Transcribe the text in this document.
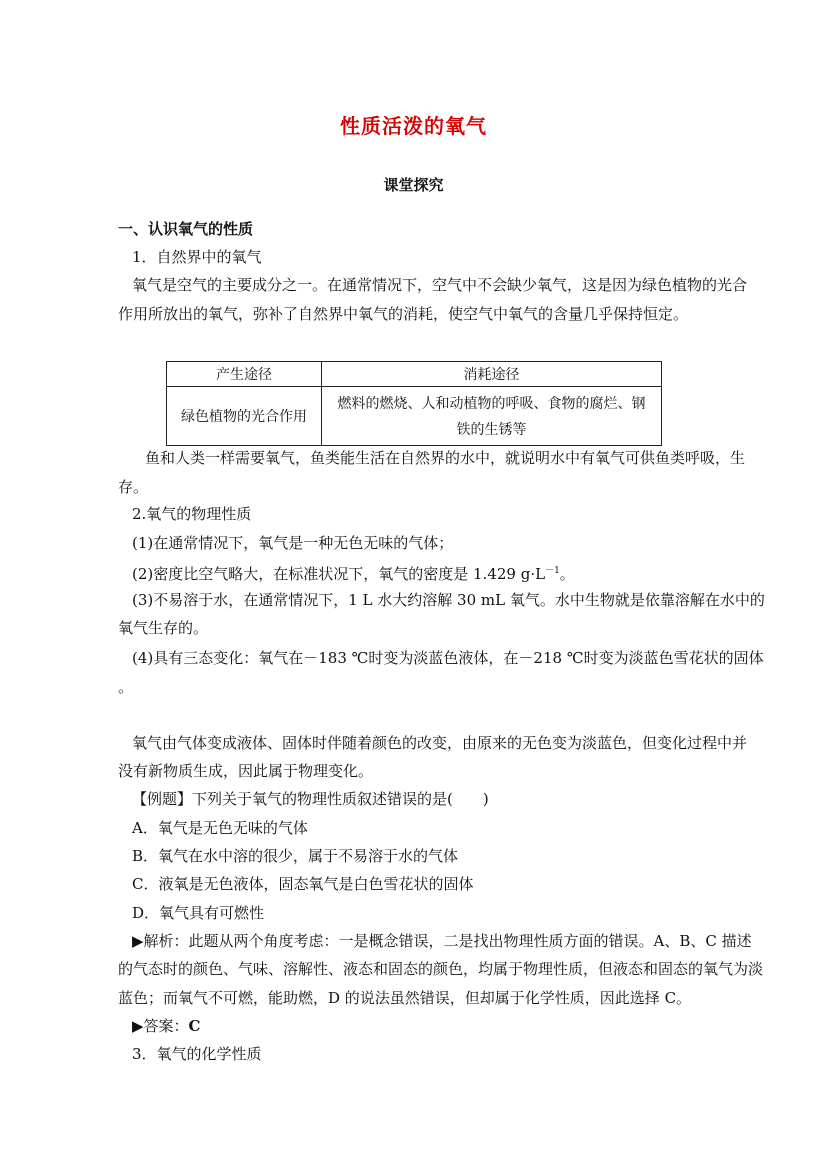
性质活泼的氧气
课堂探究
一、认识氧气的性质
1．自然界中的氧气
氧气是空气的主要成分之一。在通常情况下，空气中不会缺少氧气，这是因为绿色植物的光合
作用所放出的氧气，弥补了自然界中氧气的消耗，使空气中氧气的含量几乎保持恒定。
产生途径	消耗途径
绿色植物的光合作用	燃料的燃烧、人和动植物的呼吸、食物的腐烂、钢
铁的生锈等
鱼和人类一样需要氧气，鱼类能生活在自然界的水中，就说明水中有氧气可供鱼类呼吸，生
存。
2.氧气的物理性质
(1)在通常情况下，氧气是一种无色无味的气体；
(2)密度比空气略大，在标准状况下，氧气的密度是 1.429 $g\cdot L^{-1}$。
(3)不易溶于水，在通常情况下，1 L 水大约溶解 30 mL 氧气。水中生物就是依靠溶解在水中的
氧气生存的。
(4)具有三态变化：氧气在－183 ℃时变为淡蓝色液体，在－218 ℃时变为淡蓝色雪花状的固体
。
氧气由气体变成液体、固体时伴随着颜色的改变，由原来的无色变为淡蓝色，但变化过程中并
没有新物质生成，因此属于物理变化。
【例题】下列关于氧气的物理性质叙述错误的是(　　)
A．氧气是无色无味的气体
B．氧气在水中溶的很少，属于不易溶于水的气体
C．液氧是无色液体，固态氧气是白色雪花状的固体
D．氧气具有可燃性
▶解析：此题从两个角度考虑：一是概念错误，二是找出物理性质方面的错误。A、B、C 描述
的气态时的颜色、气味、溶解性、液态和固态的颜色，均属于物理性质，但液态和固态的氧气为淡
蓝色；而氧气不可燃，能助燃，D 的说法虽然错误，但却属于化学性质，因此选择 C。
▶答案：C
3．氧气的化学性质
